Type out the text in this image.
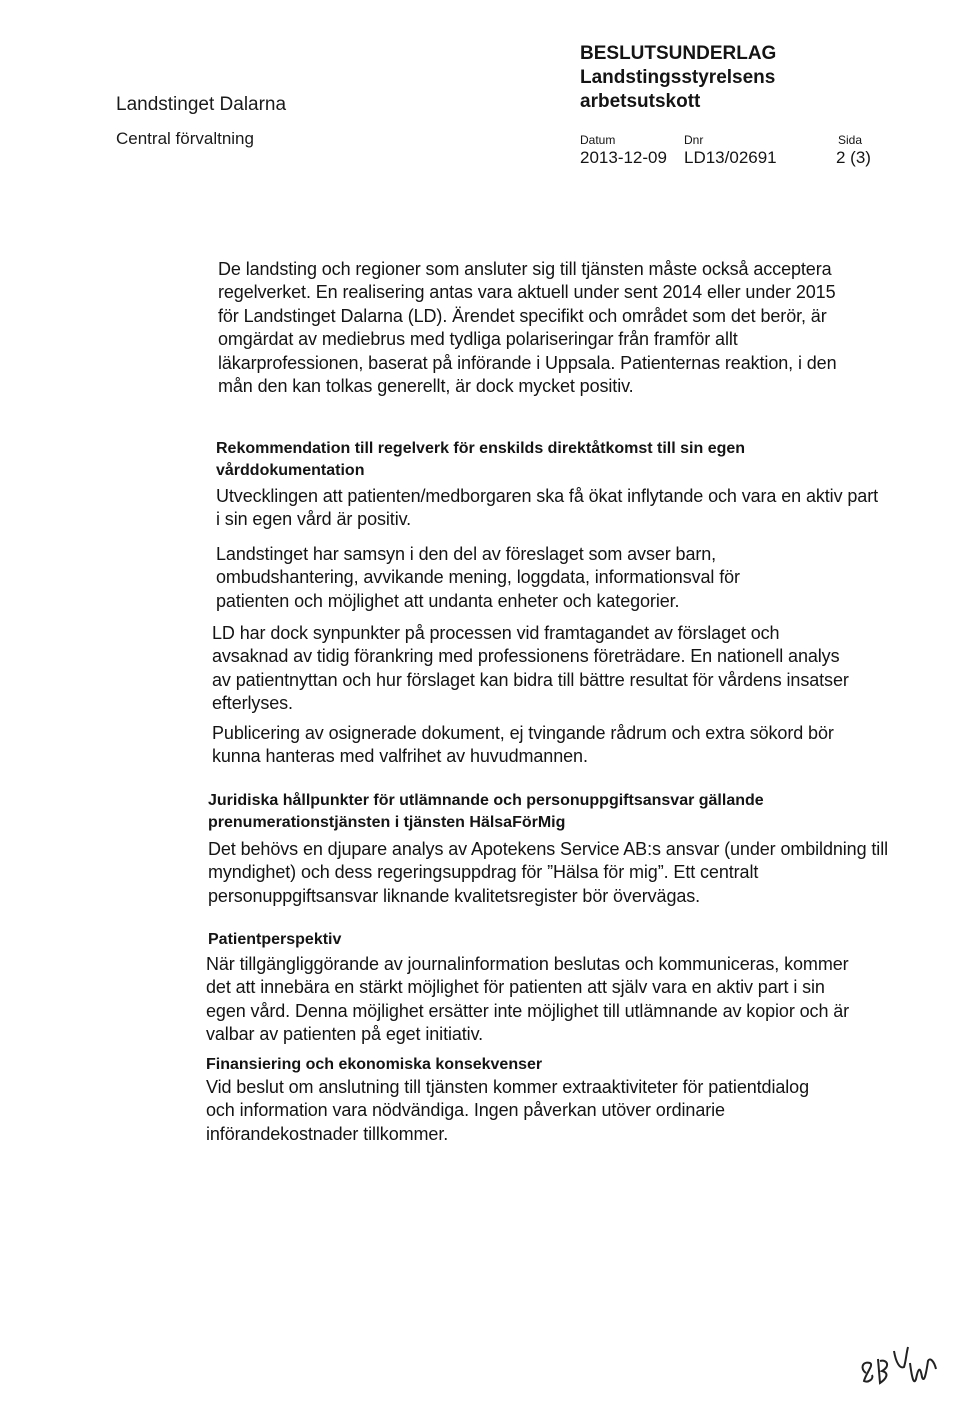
Landstinget Dalarna
Central förvaltning
BESLUTSUNDERLAG
Landstingsstyrelsens
arbetsutskott
Datum	Dnr	Sida
2013-12-09 LD13/02691	2 (3)

De landsting och regioner som ansluter sig till tjänsten måste också acceptera regelverket. En realisering antas vara aktuell under sent 2014 eller under 2015 för Landstinget Dalarna (LD). Ärendet specifikt och området som det berör, är omgärdat av mediebrus med tydliga polariseringar från framför allt läkarprofessionen, baserat på införande i Uppsala. Patienternas reaktion, i den mån den kan tolkas generellt, är dock mycket positiv.

Rekommendation till regelverk för enskilds direktåtkomst till sin egen vårddokumentation

Utvecklingen att patienten/medborgaren ska få ökat inflytande och vara en aktiv part i sin egen vård är positiv.

Landstinget har samsyn i den del av föreslaget som avser barn, ombudshantering, avvikande mening, loggdata, informationsval för patienten och möjlighet att undanta enheter och kategorier.

LD har dock synpunkter på processen vid framtagandet av förslaget och avsaknad av tidig förankring med professionens företrädare. En nationell analys av patientnyttan och hur förslaget kan bidra till bättre resultat för vårdens insatser efterlyses.

Publicering av osignerade dokument, ej tvingande rådrum och extra sökord bör kunna hanteras med valfrihet av huvudmannen.

Juridiska hållpunkter för utlämnande och personuppgiftsansvar gällande prenumerationstjänsten i tjänsten HälsaFörMig

Det behövs en djupare analys av Apotekens Service AB:s ansvar (under ombildning till myndighet) och dess regeringsuppdrag för ”Hälsa för mig”. Ett centralt personuppgiftsansvar liknande kvalitetsregister bör övervägas.

Patientperspektiv

När tillgängliggörande av journalinformation beslutas och kommuniceras, kommer det att innebära en stärkt möjlighet för patienten att själv vara en aktiv part i sin egen vård. Denna möjlighet ersätter inte möjlighet till utlämnande av kopior och är valbar av patienten på eget initiativ.

Finansiering och ekonomiska konsekvenser

Vid beslut om anslutning till tjänsten kommer extraaktiviteter för patientdialog och information vara nödvändiga. Ingen påverkan utöver ordinarie införandekostnader tillkommer.
